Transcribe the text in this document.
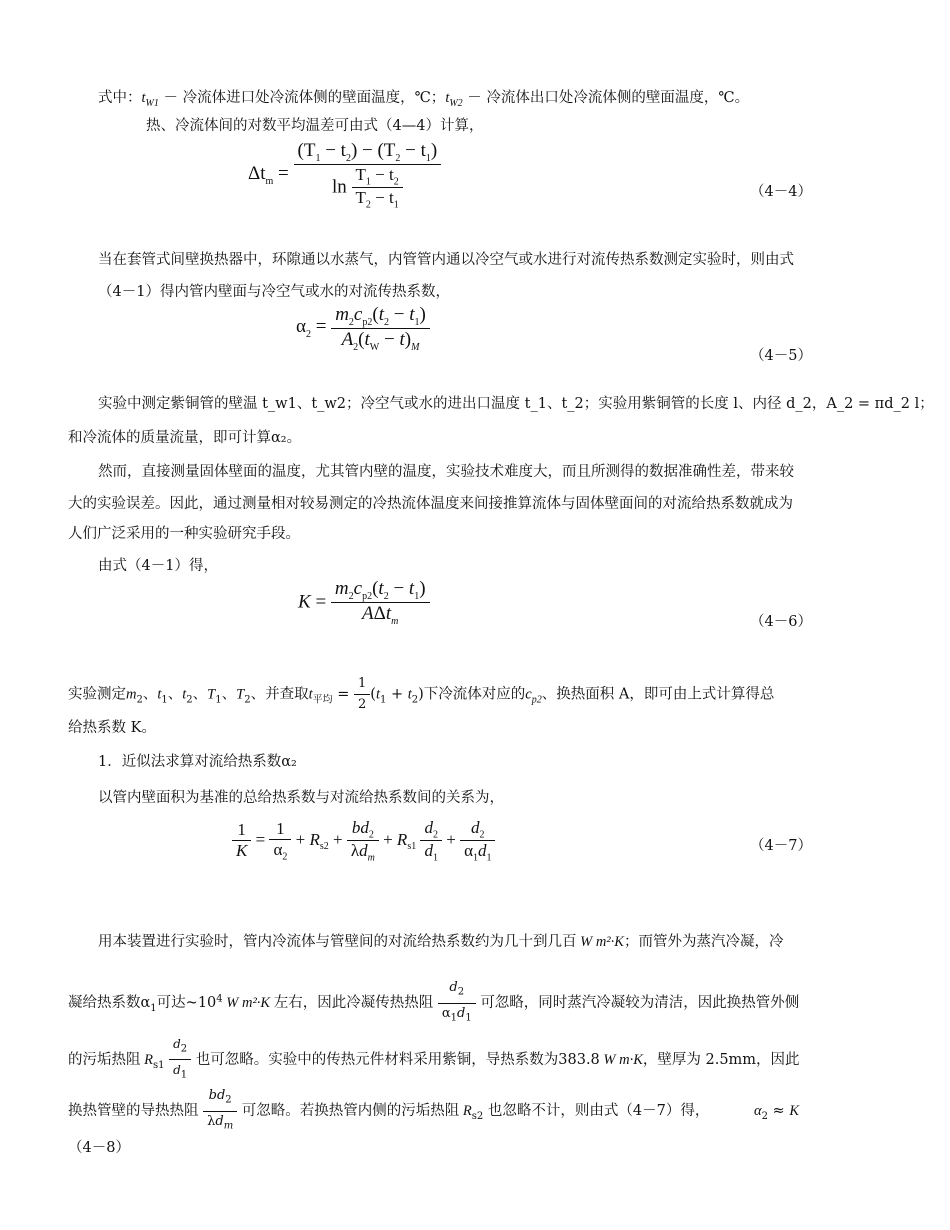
式中：$t_{W1}$ － 冷流体进口处冷流体侧的壁面温度，℃；$t_{W2}$ － 冷流体出口处冷流体侧的壁面温度，℃。
热、冷流体间的对数平均温差可由式（4—4）计算，
$\Delta t_m = \frac{(T_1 - t_2) - (T_2 - t_1)}{\ln \frac{T_1 - t_2}{T_2 - t_1}}$	（4－4）
当在套管式间壁换热器中，环隙通以水蒸气，内管管内通以冷空气或水进行对流传热系数测定实验时，则由式
（4－1）得内管内壁面与冷空气或水的对流传热系数，
$\alpha_2 = \frac{m_2c_{p2}(t_2 - t_1)}{A_2(t_W - t)_M}$
（4－5）
实验中测定紫铜管的壁温 t_w1、t_w2；冷空气或水的进出口温度 t_1、t_2；实验用紫铜管的长度 l、内径 d_2，A_2 = πd_2 l；
和冷流体的质量流量，即可计算α₂。
然而，直接测量固体壁面的温度，尤其管内壁的温度，实验技术难度大，而且所测得的数据准确性差，带来较
大的实验误差。因此，通过测量相对较易测定的冷热流体温度来间接推算流体与固体壁面间的对流给热系数就成为
人们广泛采用的一种实验研究手段。
由式（4－1）得，
$K = \frac{m_2c_{p2}(t_2 - t_1)}{A\Delta t_m}$	（4－6）
实验测定$m_2$、$t_1$、$t_2$、$T_1$、$T_2$、并查取$t_{平均} = \frac{1}{2} (t_1 + t_2)$下冷流体对应的$c_{p2}$、换热面积 A，即可由上式计算得总
给热系数 K。
1．近似法求算对流给热系数α₂
以管内壁面积为基准的总给热系数与对流给热系数间的关系为，
$\frac{1}{K} = \frac{1}{\alpha_2} + R_{s2} + \frac{bd_2}{\lambda d_m} + R_{s1} \frac{d_2}{d_1} + \frac{d_2}{\alpha_1d_1}$	（4－7）
用本装置进行实验时，管内冷流体与管壁间的对流给热系数约为几十到几百 W m²·K；而管外为蒸汽冷凝，冷
凝给热系数$\alpha_1$可达$\sim 10^4$ W m²·K 左右，因此冷凝传热热阻 $\frac{d_2}{\alpha_1d_1}$ 可忽略，同时蒸汽冷凝较为清洁，因此换热管外侧
的污垢热阻 $R_{s1} \frac{d_2}{d_1}$ 也可忽略。实验中的传热元件材料采用紫铜，导热系数为383.8 W m·K，壁厚为 2.5mm，因此
换热管壁的导热热阻 $\frac{bd_2}{\lambda d_m}$ 可忽略。若换热管内侧的污垢热阻 $R_{s2}$ 也忽略不计，则由式（4－7）得，	$\alpha_2 \approx K$
（4－8）
